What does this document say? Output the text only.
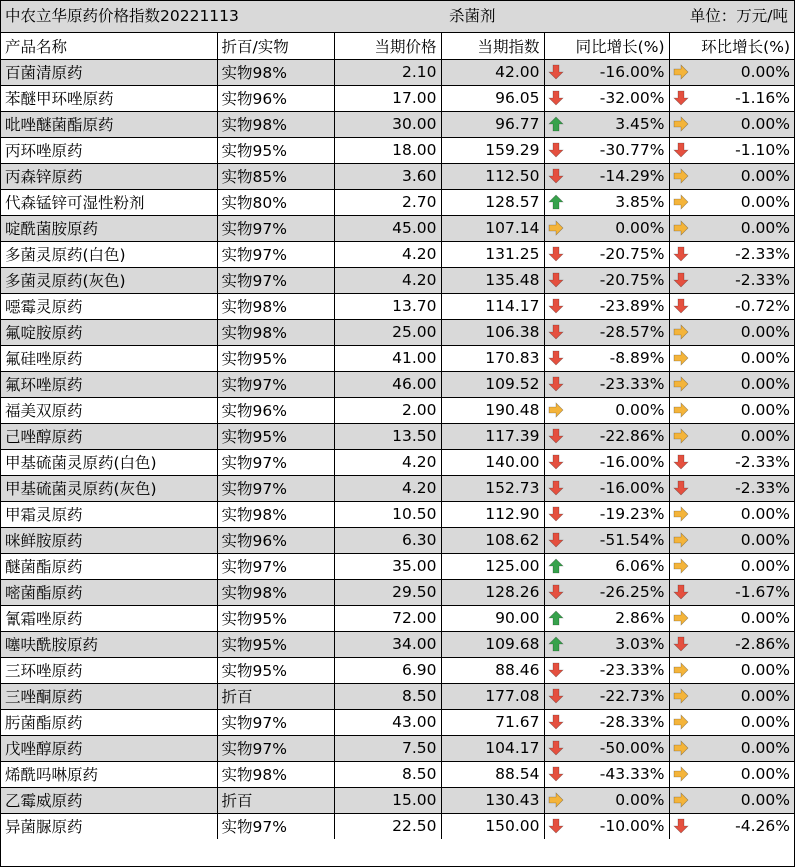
中农立华原药价格指数20221113	杀菌剂	单位：万元/吨
产品名称	折百/实物	当期价格	当期指数	同比增长(%)	环比增长(%)
百菌清原药	实物98%	2.10	42.00	-16.00%	0.00%

苯醚甲环唑原药	实物96%	17.00	96.05	-32.00%	-1.16%

吡唑醚菌酯原药	实物98%	30.00	96.77	3.45%	0.00%

丙环唑原药	实物95%	18.00	159.29	-30.77%	-1.10%

丙森锌原药	实物85%	3.60	112.50	-14.29%	0.00%

代森锰锌可湿性粉剂	实物80%	2.70	128.57	3.85%	0.00%

啶酰菌胺原药	实物97%	45.00	107.14	0.00%	0.00%

多菌灵原药(白色)	实物97%	4.20	131.25	-20.75%	-2.33%

多菌灵原药(灰色)	实物97%	4.20	135.48	-20.75%	-2.33%

噁霉灵原药	实物98%	13.70	114.17	-23.89%	-0.72%

氟啶胺原药	实物98%	25.00	106.38	-28.57%	0.00%

氟硅唑原药	实物95%	41.00	170.83	-8.89%	0.00%

氟环唑原药	实物97%	46.00	109.52	-23.33%	0.00%

福美双原药	实物96%	2.00	190.48	0.00%	0.00%

己唑醇原药	实物95%	13.50	117.39	-22.86%	0.00%

甲基硫菌灵原药(白色)	实物97%	4.20	140.00	-16.00%	-2.33%

甲基硫菌灵原药(灰色)	实物97%	4.20	152.73	-16.00%	-2.33%

甲霜灵原药	实物98%	10.50	112.90	-19.23%	0.00%

咪鲜胺原药	实物96%	6.30	108.62	-51.54%	0.00%

醚菌酯原药	实物97%	35.00	125.00	6.06%	0.00%

嘧菌酯原药	实物98%	29.50	128.26	-26.25%	-1.67%

氰霜唑原药	实物95%	72.00	90.00	2.86%	0.00%

噻呋酰胺原药	实物95%	34.00	109.68	3.03%	-2.86%

三环唑原药	实物95%	6.90	88.46	-23.33%	0.00%

三唑酮原药	折百	8.50	177.08	-22.73%	0.00%

肟菌酯原药	实物97%	43.00	71.67	-28.33%	0.00%

戊唑醇原药	实物97%	7.50	104.17	-50.00%	0.00%

烯酰吗啉原药	实物98%	8.50	88.54	-43.33%	0.00%

乙霉威原药	折百	15.00	130.43	0.00%	0.00%

异菌脲原药	实物97%	22.50	150.00	-10.00%	-4.26%
